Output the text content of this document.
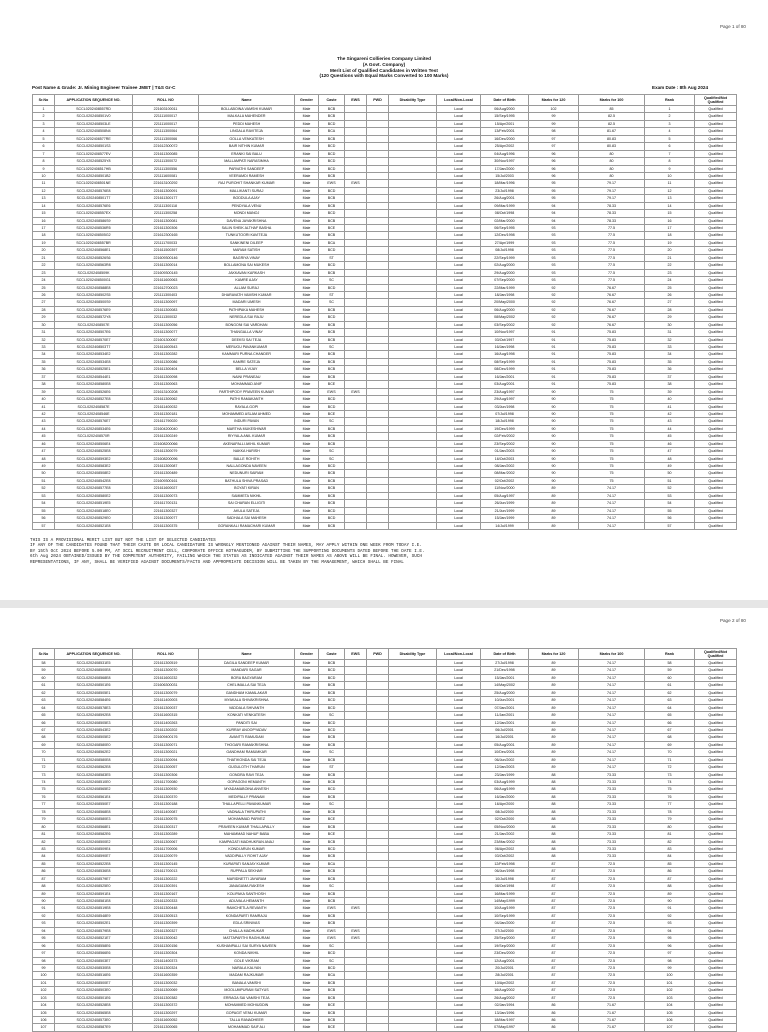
Page 1 of 80
The Singareni Collieries Company Limited
(A Govt. Company)
Merit List of Qualified Candidates in Written Test
(120 Questions with Equal Marks Converted to 100 Marks)
Post Name & Grade: Jr. Mining Engineer Trainee JMET | T&S Gr-C	Exam Date : 8th Aug 2024
Sr.No	APPLICATION SEQUENCE NO.	ROLL NO	Name	Gender	Caste	EWS	PWD	Disability Type	Local/Non-Local	Date of Birth	Marks for 120	Marks for 100	Rank	Qualified/Not Qualified
1	SCCL0202408557RD	221603100011	BOLLABOINA VAMSHI KUMAR	Male	BCB				Local	06/Aug/2000	102	85	1	Qualified
2	SCCL0202408501V0	221111000017	MALKALA MAHENDER	Male	BCB				Local	15/Sep/1995	99	82.5	2	Qualified
3	SCCL0202408503LE	221111000017	PEDDI MAHESH	Male	BCD				Local	15/Apr/2001	99	82.5	3	Qualified
4	SCCL0202408508N4	221111300064	LINGALA RAVITEJA	Male	BCA				Local	13/Feb/2001	98	81.67	4	Qualified
5	SCCL0202408577RE	221111300066	GOLLA VENKATESH	Male	BCB				Local	16/Dec/2000	97	80.83	5	Qualified
6	SCCL0202408501S3	221612300072	BAIR NITHIN KUMAR	Male	BCD				Local	25/Apr/2002	97	80.83	6	Qualified
7	SCCL0202408577EV	221611300085	ERANKI SAI BALU	Male	BCD				Local	04/Aug/1996	96	80	7	Qualified
8	SCCL0202408525Y8	221111300072	MALLAMPATI NARASIMHA	Male	BCD				Local	30/Nov/1997	96	80	8	Qualified
9	SCCL0202408517HB	221111300556	PARVATHI SANDEEP	Male	BCD				Local	17/Jan/2000	96	80	9	Qualified
10	SCCL0202408501B2	221111600081	VEERAMDI RAMESH	Male	BCB				Local	15/Jul/2003	96	80	10	Qualified
11	SCCL0202408501NE	221613100292	RAJ PUROHIT SHANKAR KUMAR	Male	EWS	EWS			Local	18/Mar/1996	95	79.17	11	Qualified
12	SCCL0202408576E8	221611300091	MALLIKANTI SURAJ	Male	BCD				Local	23/Jul/1998	95	79.17	12	Qualified
13	SCCL0202408501T7	221611300177	BODDULA AJAY	Male	BCB				Local	26/Aug/2001	95	79.17	13	Qualified
14	SCCL0202408576E6	221111300118	PENDYALA VENU	Male	BCB				Local	09/Mar/1999	94	78.33	14	Qualified
15	SCCL0202408557EX	221111300258	MONDI MANOJ	Male	BCD				Local	08/Oct/1998	94	78.33	15	Qualified
16	SCCL0202408586S9	221611300081	DAVENA JAYAKRISHNA	Male	BCB				Local	02/Mar/2000	94	78.33	16	Qualified
17	SCCL0202408536R5	221611300306	SALIN SHEIK ALTHAF BASHA	Male	BCE				Local	06/Sep/1995	93	77.5	17	Qualified
18	SCCL0202408505G2	221612300165	TUNKUTOORI KAVITEJA	Male	BCB				Local	12/Dec/1998	93	77.5	18	Qualified
19	SCCL0202408557BR	221111700033	SANKINENI DILEEP	Male	BCA				Local	27/Apr/1999	93	77.5	19	Qualified
20	SCCL0202408568E1	221611500397	MARAM SATISH	Male	BCD				Local	08/Jul/1998	93	77.5	20	Qualified
21	SCCL0202408526S6	221609300146	BAGRIYA VINAY	Male	ST				Local	22/Sep/1999	93	77.5	21	Qualified
22	SCCL0202408563R8	221611300014	BOLLAMONA SAI MUKESH	Male	BCD				Local	02/Aug/2000	93	77.5	22	Qualified
23	SCCL0202408509K	221609300145	JAKKAVAN KARKASH	Male	BCB				Local	29/Aug/2000	93	77.5	23	Qualified
24	SCCL0202408500G1	221611600063	KAMRE AJAY	Male	SC				Local	07/Sep/2000	93	77.5	24	Qualified
25	SCCL0202408588E8	221612700023	ALLAM SURAJ	Male	BCD				Local	22/Mar/1999	92	76.67	25	Qualified
26	SCCL0202408502S5	221111300403	DHARAVATH VAMSHI KUMAR	Male	ST				Local	18/Jan/1998	92	76.67	26	Qualified
27	SCCL0202408500S9	221611300097	MADARI UMESH	Male	SC				Local	20/May/2000	92	76.67	27	Qualified
28	SCCL0202408576E9	221611300083	PATHIPAKA MAHESH	Male	BCB				Local	06/Aug/2000	92	76.67	28	Qualified
29	SCCL0202408572Y8	221111300032	NEREDLA SAI RAJU	Male	BCD				Local	08/May/2002	92	76.67	29	Qualified
30	SCCL0202408507E	221611300056	BONGONI SAI VARDHAN	Male	BCB				Local	03/Sep/2002	92	76.67	30	Qualified
31	SCCL0202408507E6	221611300077	THANGALLA VINAY	Male	BCB				Local	10/Nov/1997	91	75.83	31	Qualified
32	SCCL0202408570E7	221601300067	DEEKSI SAI TEJA	Male	BCB				Local	03/Oct/1997	91	75.83	32	Qualified
33	SCCL0202408503T7	221611600543	MERUGU PAVANKUMAR	Male	SC				Local	16/Jan/1998	91	75.83	33	Qualified
34	SCCL0202408534E2	221611300282	KAMMARI PURNA CHANDER	Male	BCB				Local	16/Aug/1998	91	75.83	34	Qualified
35	SCCL0202408534E8	221611300086	KAMRE SATEJA	Male	BCB				Local	08/Sep/1999	91	75.83	35	Qualified
36	SCCL0202408525E1	221611300404	BELLA VIJAY	Male	BCB				Local	08/Dec/1999	91	75.83	36	Qualified
37	SCCL0202408544E1	221611300098	NAINI PRANEAU	Male	BCB				Local	16/Jan/2001	91	75.83	37	Qualified
38	SCCL0202408580E8	221611300063	MOHAMMAD ANIF	Male	BCE				Local	03/Aug/2001	91	75.83	38	Qualified
39	SCCL0202408526E6	221613100208	PARTHIPODY PRAVEEN KUMAR	Male	EWS	EWS			Local	23/Aug/1997	90	75	39	Qualified
40	SCCL0202408527E8	221611300062	PATHI RAMAKANTH	Male	BCD				Local	29/Aug/1997	90	75	40	Qualified
41	SCCL0202408587E	221611400032	RAYALA GOPI	Male	BCD				Local	03/Jun/1998	90	75	41	Qualified
42	SCCL0202408546E	221611300181	MOHAMMED ASLAM AHMED	Male	BCE				Local	07/Jul/1998	90	75	42	Qualified
43	SCCL0202408576E7	221611790020	INDURI PAVAN	Male	SC				Local	18/Jul/1998	90	75	43	Qualified
44	SCCL0202408534E6	221604200040	MARTHA MUKESHWAR	Male	BCB				Local	19/Dec/1999	90	75	44	Qualified
45	SCCL0202408570R	221611300249	RIYYALA ANIL KUMAR	Male	BCB				Local	02/Feb/2002	90	75	45	Qualified
46	SCCL0202408506E4	221608200066	AKENAPALLI AKHIL KUMAR	Male	BCB				Local	23/Sep/2002	90	75	46	Qualified
47	SCCL0202408525E8	221611300079	NAKKA HARISH	Male	SC				Local	01/Jan/2003	90	75	47	Qualified
48	SCCL0202408593E2	221608200096	BALLE ROHITH	Male	SC				Local	16/Oct/2003	90	75	48	Qualified
49	SCCL0202408583E2	221611300087	NALLAGONDA NAVEEN	Male	BCD				Local	08/Jan/2002	90	75	49	Qualified
50	SCCL0202408508E2	221611300489	NEDUNURI SAIRAM	Male	BCB				Local	08/Mar/2002	90	75	50	Qualified
51	SCCL0202408542E8	221609300161	BATHULA SHIVA PRASAD	Male	BCB				Local	02/Oct/2002	90	75	51	Qualified
52	SCCL0202408577E8	221611600027	BOYATI KIRAN	Male	BCB				Local	11/Nov/2000	89	74.17	52	Qualified
53	SCCL0202408580E2	221611300073	SAMMETA NIKHIL	Male	BCB				Local	05/Aug/1997	89	74.17	53	Qualified
54	SCCL0202408519E5	221611700131	SAI CHARAN ELLIGITI	Male	BCB				Local	26/Jun/1999	89	74.17	54	Qualified
55	SCCL0202408518E0	221611300327	AKULA SATEJA	Male	BCD				Local	21/Jun/1999	89	74.17	55	Qualified
56	SCCL0202408529E0	221611300077	SADHALA SAI MAHESH	Male	BCD				Local	15/Jan/1999	89	74.17	56	Qualified
57	SCCL0202408521E8	221611300375	GORANKALI RAMACHARI KUMAR	Male	BCB				Local	14/Jul/1999	89	74.17	57	Qualified
THIS IS A PROVISIONAL MERIT LIST BUT NOT THE LIST OF SELECTED CANDIDATES
IF ANY OF THE CANDIDATES FOUND THAT THEIR CASTE OR LOCAL CANDIDATURE IS WRONGLY MENTIONED AGAINST THEIR NAMES, MAY APPLY WITHIN ONE WEEK FROM TODAY I.E.
BY 15th Oct 2024 BEFORE 5.00 PM, AT SCCL RECRUITMENT CELL, CORPORATE OFFICE KOTHAGUDEM, BY SUBMITTING THE SUPPORTING DOCUMENTS DATED BEFORE THE DATE I.E.
6th Aug 2024 OBTAINED/ISSUED BY THE COMPETENT AUTHORITY, FAILING WHICH THE STATUS AS INDICATED AGAINST THEIR NAMES AS ABOVE WILL BE FINAL. HOWEVER, SUCH
REPRESENTATIONS, IF ANY, SHALL BE VERIFIED AGAINST DOCUMENTS/FACTS AND APPROPRIATE DECISION WILL BE TAKEN BY THE MANAGEMENT, WHICH SHALL BE FINAL
Page 2 of 80
Sr.No	APPLICATION SEQUENCE NO.	ROLL NO	Name	Gender	Caste	EWS	PWD	Disability Type	Local/Non-Local	Date of Birth	Marks for 120	Marks for 100	Rank	Qualified/Not Qualified
58	SCCL0202408531E5	221611300519	DAGILA SANDEEP KUMAR	Male	BCB				Local	27/Jul/1998	89	74.17	58	Qualified
59	SCCL0202408500E8	221611300070	MANDARI SAGAR	Male	BCD				Local	21/Dec/1998	89	74.17	59	Qualified
60	SCCL0202408568E8	221611600232	BORA BAGYARAM	Male	BCD				Local	15/Jan/2001	89	74.17	60	Qualified
61	SCCL0202408501E6	221606300031	CHELIMALLA SAI TEJA	Male	BCB				Local	14/May/2002	89	74.17	61	Qualified
62	SCCL0202408505E1	221611300079	GANDHAM KAMALAKAR	Male	BCB				Local	25/Aug/2000	89	74.17	62	Qualified
63	SCCL0202408584E6	221611400003	MYAKALA SHIVAKRISHNA	Male	BCD				Local	10/Jun/2001	89	74.17	63	Qualified
64	SCCL0202408578E3	221611300037	VADDALA SHIVANTH	Male	BCD				Local	07/Jan/2001	89	74.17	64	Qualified
65	SCCL0202408592E8	221611600315	KONKATI VENKATESH	Male	SC				Local	11/Jan/2001	89	74.17	65	Qualified
66	SCCL0202408505E3	221611400263	PANDITI SAI	Male	BCD				Local	12/Jan/2001	89	74.17	66	Qualified
67	SCCL0202408543E2	221611300202	KURRAY ANOOPYADAV	Male	BCD				Local	06/Jul/2001	89	74.17	67	Qualified
68	SCCL0202408505E2	221609400176	AVANTTI RAMUDAM	Male	BCB				Local	16/Jul/2001	89	74.17	68	Qualified
69	SCCL0202408580E0	221611300071	THOGARI RAMAKRISHNA	Male	BCB				Local	05/Aug/2001	89	74.17	69	Qualified
70	SCCL0202408562E2	221611300021	GANDHAM RAMUMKAR	Male	SC				Local	10/Dec/2001	89	74.17	70	Qualified
71	SCCL0202408580E8	221611300094	THATIKONDA SAI TEJA	Male	BCB				Local	06/Jun/2002	89	74.17	71	Qualified
72	SCCL0202408562E8	221611300057	GUGULOTH THARUN	Male	ST				Local	12/Jan/2003	89	74.17	72	Qualified
73	SCCL0202408583E5	221611300306	GONDRA RAVI TEJA	Male	BCB				Local	23/Jan/1999	88	73.33	73	Qualified
74	SCCL0202408510E0	221611700080	GOPAGONI HEMANTH	Male	BCB				Local	03/Aug/1999	88	73.33	74	Qualified
75	SCCL0202408565E2	221611300930	MYADAMABOINA ANVESH	Male	BCD				Local	06/Aug/1999	88	73.33	75	Qualified
76	SCCL0202408561E4	221611300370	MEDIPALLY PRANAM	Male	BCB				Local	16/Jan/2000	88	73.33	76	Qualified
77	SCCL0202408550E7	221611300188	THALLAPELLI PAVANKUMAR	Male	SC				Local	16/Apr/2000	88	73.33	77	Qualified
78	SCCL0202408568E8	221611400087	VADNALA THIRUPATHI	Male	BCB				Local	08/Jul/2000	88	73.33	78	Qualified
79	SCCL0202408580E3	221611300075	MOHAMMAD PARVEZ	Male	BCE				Local	02/Oct/2000	88	73.33	79	Qualified
80	SCCL0202408568E1	221611300317	PRAVEEN KUMAR THALLAPALLY	Male	BCB				Local	05/Nov/2000	88	73.33	80	Qualified
81	SCCL0202408582E6	221611300289	MAHAMMAD NAHUF BABA	Male	BCE				Local	21/Jan/2002	88	73.33	81	Qualified
82	SCCL0202408500E2	221611300067	KAMPAGATI MADHUKRAN ANAJ	Male	BCB				Local	23/Mar/2002	88	73.33	82	Qualified
83	SCCL0202408509E4	221611700006	KONDI ARUN KUMAR	Male	BCD				Local	06/Apr/2002	88	73.33	83	Qualified
84	SCCL0202408590E7	221611200079	VADDIPALLY ROHIT AJAY	Male	BCB				Local	03/Oct/2002	88	73.33	84	Qualified
85	SCCL0202408522E8	221611300145	KURAPATI SANJAY KUMAR	Male	BCA				Local	12/Feb/1998	87	72.5	85	Qualified
86	SCCL0202408536E8	221611700013	RUPPALA SEKHAR	Male	BCB				Local	06/Jun/1998	87	72.5	86	Qualified
87	SCCL0202408579E7	221611300222	MARIDNETTI JAYARAM	Male	BCB				Local	10/Jul/1998	87	72.5	87	Qualified
88	SCCL0202408525E0	221611300391	JANAGAMA RAKESH	Male	SC				Local	08/Oct/1998	87	72.5	88	Qualified
89	SCCL0202408591E4	221611300167	KOLIPAKA SANTHOSH	Male	BCB				Local	16/Mar/1999	87	72.5	89	Qualified
90	SCCL0202408581E8	221611200333	ADUVALA HEMANTH	Male	BCB				Local	14/May/1999	87	72.5	90	Qualified
91	SCCL0202408519E8	221611300448	RAMCHETLA REVANTH	Male	EWS	EWS			Local	10/Aug/1999	87	72.5	91	Qualified
92	SCCL0202408548E9	221611300513	KONDAPARTI RAMRAJU	Male	BCB				Local	10/Sep/1999	87	72.5	92	Qualified
93	SCCL0202408502E1	221611300399	EDLA SRINIVAS	Male	BCB				Local	04/Jan/2000	87	72.5	93	Qualified
94	SCCL0202408579E8	221611300327	CHALLA MADHUKAR	Male	EWS	EWS			Local	07/Jul/2000	87	72.5	94	Qualified
95	SCCL0202408521E7	221611300042	MATTAPARTHI RAGHURAM	Male	EWS	EWS			Local	25/Sep/2000	87	72.5	95	Qualified
96	SCCL0202408558E6	221611300156	KUSHANPALLI SAI SURYA NAVEEN	Male	SC				Local	19/Sep/2000	87	72.5	96	Qualified
97	SCCL0202408566E6	221611300304	KONDA NIKHIL	Male	BCD				Local	23/Dec/2000	87	72.5	97	Qualified
98	SCCL0202408503E7	221611400373	GOLE VIKRAM	Male	SC				Local	12/Aug/2001	87	72.5	98	Qualified
99	SCCL0202408530E8	221611300324	NARALA KALYAN	Male	BCD				Local	20/Jul/2001	87	72.5	99	Qualified
100	SCCL0202408516E6	221611600359	MADAM RAJKUMAR	Male	BCA				Local	28/Jul/2001	87	72.5	100	Qualified
101	SCCL0202408500E7	221611300032	BANALA VAMSHI	Male	BCB				Local	10/Apr/2002	87	72.5	101	Qualified
102	SCCL0202408503E0	221611300069	MOOLUMPURAM SATYUS	Male	BCB				Local	16/Aug/2002	87	72.5	102	Qualified
103	SCCL0202408501E6	221611300382	ERRAGA SAI VAMSHI TEJA	Male	BCB				Local	26/Aug/2002	87	72.5	103	Qualified
104	SCCL0202408528E8	221611300372	MOHAMMED MOHIUDDIN	Male	BCE				Local	02/Jan/1994	86	71.67	104	Qualified
105	SCCL0202408565E8	221611300297	GOPAGIT VENU KUMAR	Male	BCB				Local	13/Jan/1996	86	71.67	105	Qualified
106	SCCL0202408573E0	221611600052	TALLA RANADHEER	Male	BCB				Local	18/Mar/1997	86	71.67	106	Qualified
107	SCCL0202408587E9	221611300065	MOHAMMAD SAIF ALI	Male	BCE				Local	07/May/1997	86	71.67	107	Qualified
